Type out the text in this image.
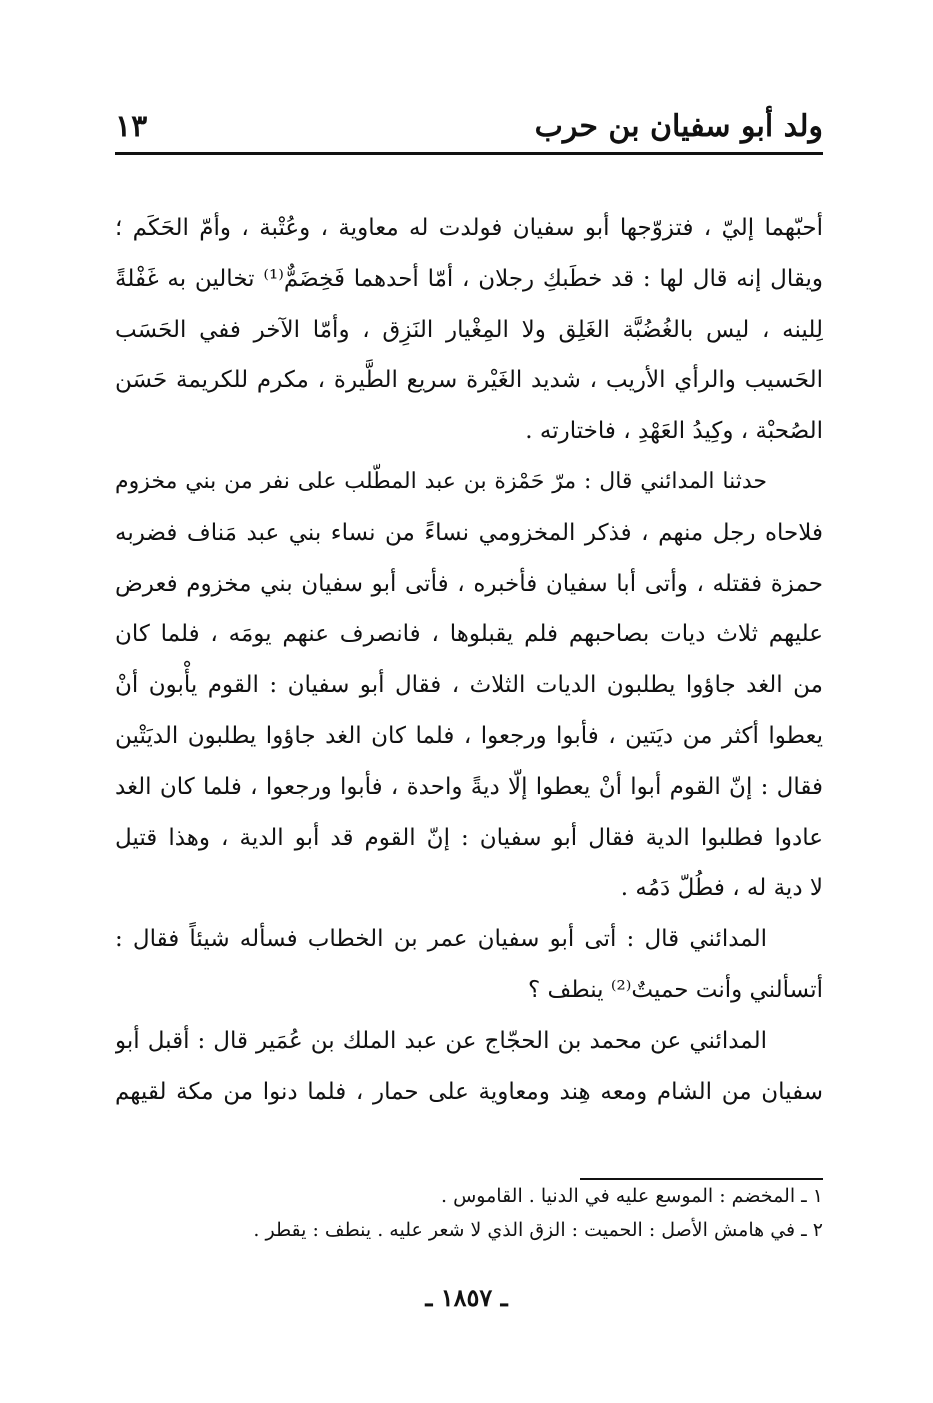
ولد أبو سفيان بن حرب
١٣
أحبّهما إليّ ، فتزوّجها أبو سفيان فولدت له معاوية ، وعُتْبة ، وأمّ الحَكَم ؛
ويقال إنه قال لها : قد خطَبكِ رجلان ، أمّا أحدهما فَخِضَمٌّ⁽¹⁾ تخالين به غَفْلةً
لِلينه ، ليس بالغُضُبَّة الغَلِق ولا المِغْيار النَزِق ، وأمّا الآخر ففي الحَسَب
الحَسيب والرأي الأريب ، شديد الغَيْرة سريع الطَّيرة ، مكرم للكريمة حَسَن
الصُحبْة ، وكِيدُ العَهْدِ ، فاختارته .
حدثنا المدائني قال : مرّ حَمْزة بن عبد المطّلب على نفر من بني مخزوم
فلاحاه رجل منهم ، فذكر المخزومي نساءً من نساء بني عبد مَناف فضربه
حمزة فقتله ، وأتى أبا سفيان فأخبره ، فأتى أبو سفيان بني مخزوم فعرض
عليهم ثلاث ديات بصاحبهم فلم يقبلوها ، فانصرف عنهم يومَه ، فلما كان
من الغد جاؤوا يطلبون الديات الثلاث ، فقال أبو سفيان : القوم يأْبون أنْ
يعطوا أكثر من ديَتين ، فأبوا ورجعوا ، فلما كان الغد جاؤوا يطلبون الديَتْين
فقال : إنّ القوم أبوا أنْ يعطوا إلّا ديةً واحدة ، فأبوا ورجعوا ، فلما كان الغد
عادوا فطلبوا الدية فقال أبو سفيان : إنّ القوم قد أبو الدية ، وهذا قتيل
لا دية له ، فطُلّ دَمُه .
المدائني قال : أتى أبو سفيان عمر بن الخطاب فسأله شيئاً فقال :
أتسألني وأنت حميتٌ⁽²⁾ ينطف ؟
المدائني عن محمد بن الحجّاج عن عبد الملك بن عُمَير قال : أقبل أبو
سفيان من الشام ومعه هِند ومعاوية على حمار ، فلما دنوا من مكة لقيهم
١ ـ المخضم : الموسع عليه في الدنيا . القاموس .
٢ ـ في هامش الأصل : الحميت : الزق الذي لا شعر عليه . ينطف : يقطر .
ـ ١٨٥٧ ـ
